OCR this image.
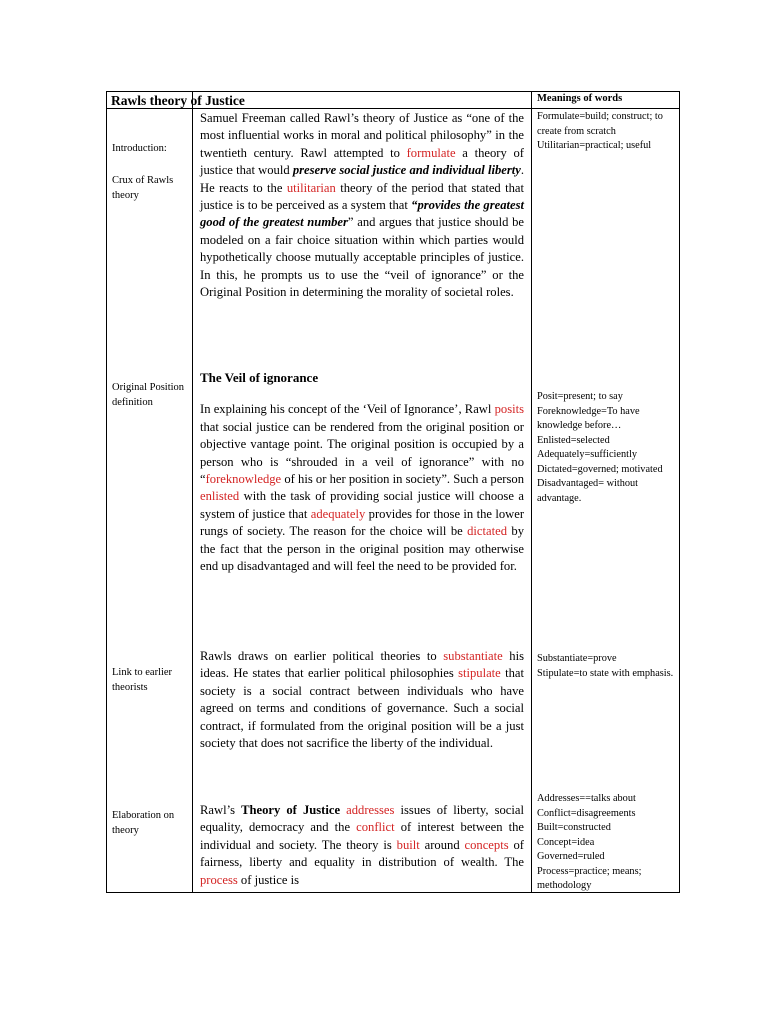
Rawls theory of Justice	Meanings of words
Introduction:
Crux of Rawls theory
Original Position definition
Link to earlier theorists
Elaboration on theory

Samuel Freeman called Rawl’s theory of Justice as “one of the most influential works in moral and political philosophy” in the twentieth century. Rawl attempted to formulate a theory of justice that would preserve social justice and individual liberty. He reacts to the utilitarian theory of the period that stated that justice is to be perceived as a system that “provides the greatest good of the greatest number” and argues that justice should be modeled on a fair choice situation within which parties would hypothetically choose mutually acceptable principles of justice. In this, he prompts us to use the “veil of ignorance” or the Original Position in determining the morality of societal roles.

The Veil of ignorance

In explaining his concept of the ‘Veil of Ignorance’, Rawl posits that social justice can be rendered from the original position or objective vantage point. The original position is occupied by a person who is “shrouded in a veil of ignorance” with no “foreknowledge of his or her position in society”. Such a person enlisted with the task of providing social justice will choose a system of justice that adequately provides for those in the lower rungs of society. The reason for the choice will be dictated by the fact that the person in the original position may otherwise end up disadvantaged and will feel the need to be provided for.

Rawls draws on earlier political theories to substantiate his ideas. He states that earlier political philosophies stipulate that society is a social contract between individuals who have agreed on terms and conditions of governance. Such a social contract, if formulated from the original position will be a just society that does not sacrifice the liberty of the individual.

Rawl’s Theory of Justice addresses issues of liberty, social equality, democracy and the conflict of interest between the individual and society. The theory is built around concepts of fairness, liberty and equality in distribution of wealth. The process of justice is

Formulate=build; construct; to create from scratch
Utilitarian=practical; useful
Posit=present; to say
Foreknowledge=To have knowledge before…
Enlisted=selected
Adequately=sufficiently
Dictated=governed; motivated
Disadvantaged= without advantage.
Substantiate=prove
Stipulate=to state with emphasis.
Addresses==talks about
Conflict=disagreements
Built=constructed
Concept=idea
Governed=ruled
Process=practice; means; methodology
